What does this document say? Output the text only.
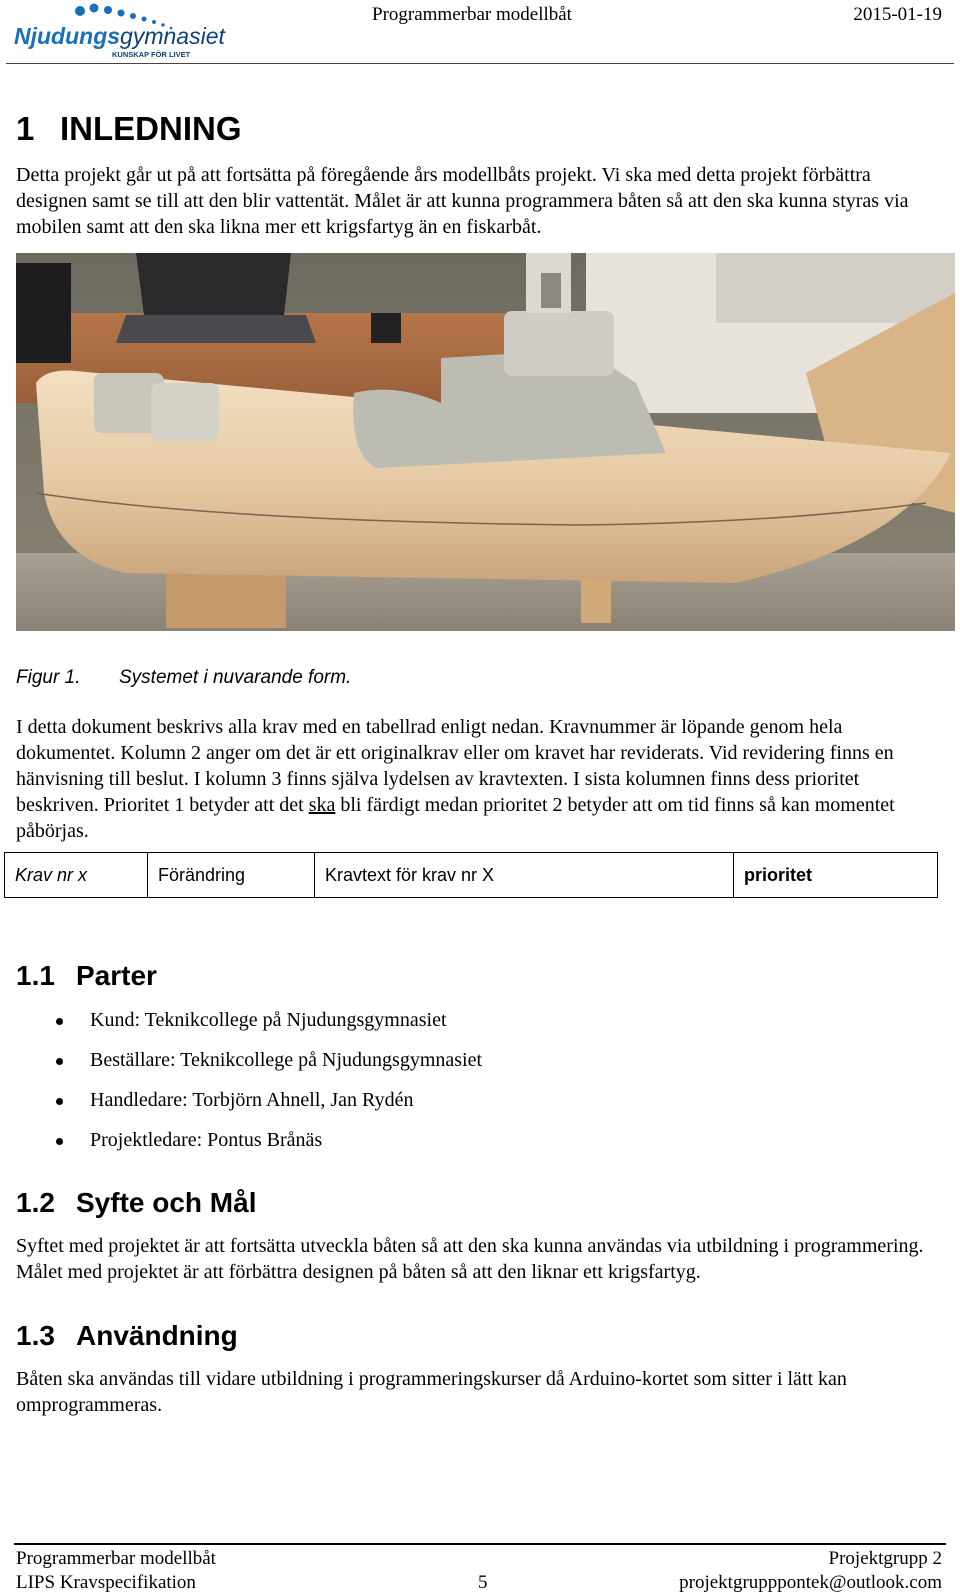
Njudungsgymnasiet
KUNSKAP FÖR LIVET
Programmerbar modellbåt	2015-01-19
1 INLEDNING

Detta projekt går ut på att fortsätta på föregående års modellbåts projekt. Vi ska med detta projekt förbättra designen samt se till att den blir vattentät. Målet är att kunna programmera båten så att den ska kunna styras via mobilen samt att den ska likna mer ett krigsfartyg än en fiskarbåt.

Figur 1. Systemet i nuvarande form.

I detta dokument beskrivs alla krav med en tabellrad enligt nedan. Kravnummer är löpande genom hela dokumentet. Kolumn 2 anger om det är ett originalkrav eller om kravet har reviderats. Vid revidering finns en hänvisning till beslut. I kolumn 3 finns själva lydelsen av kravtexten. I sista kolumnen finns dess prioritet beskriven. Prioritet 1 betyder att det ska bli färdigt medan prioritet 2 betyder att om tid finns så kan momentet påbörjas.

Krav nr x	Förändring	Kravtext för krav nr X	prioritet
1.1 Parter
Kund: Teknikcollege på Njudungsgymnasiet
Beställare: Teknikcollege på Njudungsgymnasiet
Handledare: Torbjörn Ahnell, Jan Rydén
Projektledare: Pontus Brånäs
1.2 Syfte och Mål

Syftet med projektet är att fortsätta utveckla båten så att den ska kunna användas via utbildning i programmering. Målet med projektet är att förbättra designen på båten så att den liknar ett krigsfartyg.

1.3 Användning

Båten ska användas till vidare utbildning i programmeringskurser då Arduino-kortet som sitter i lätt kan omprogrammeras.

Programmerbar modellbåt
LIPS Kravspecifikation	5
Projektgrupp 2
projektgrupppontek@outlook.com
